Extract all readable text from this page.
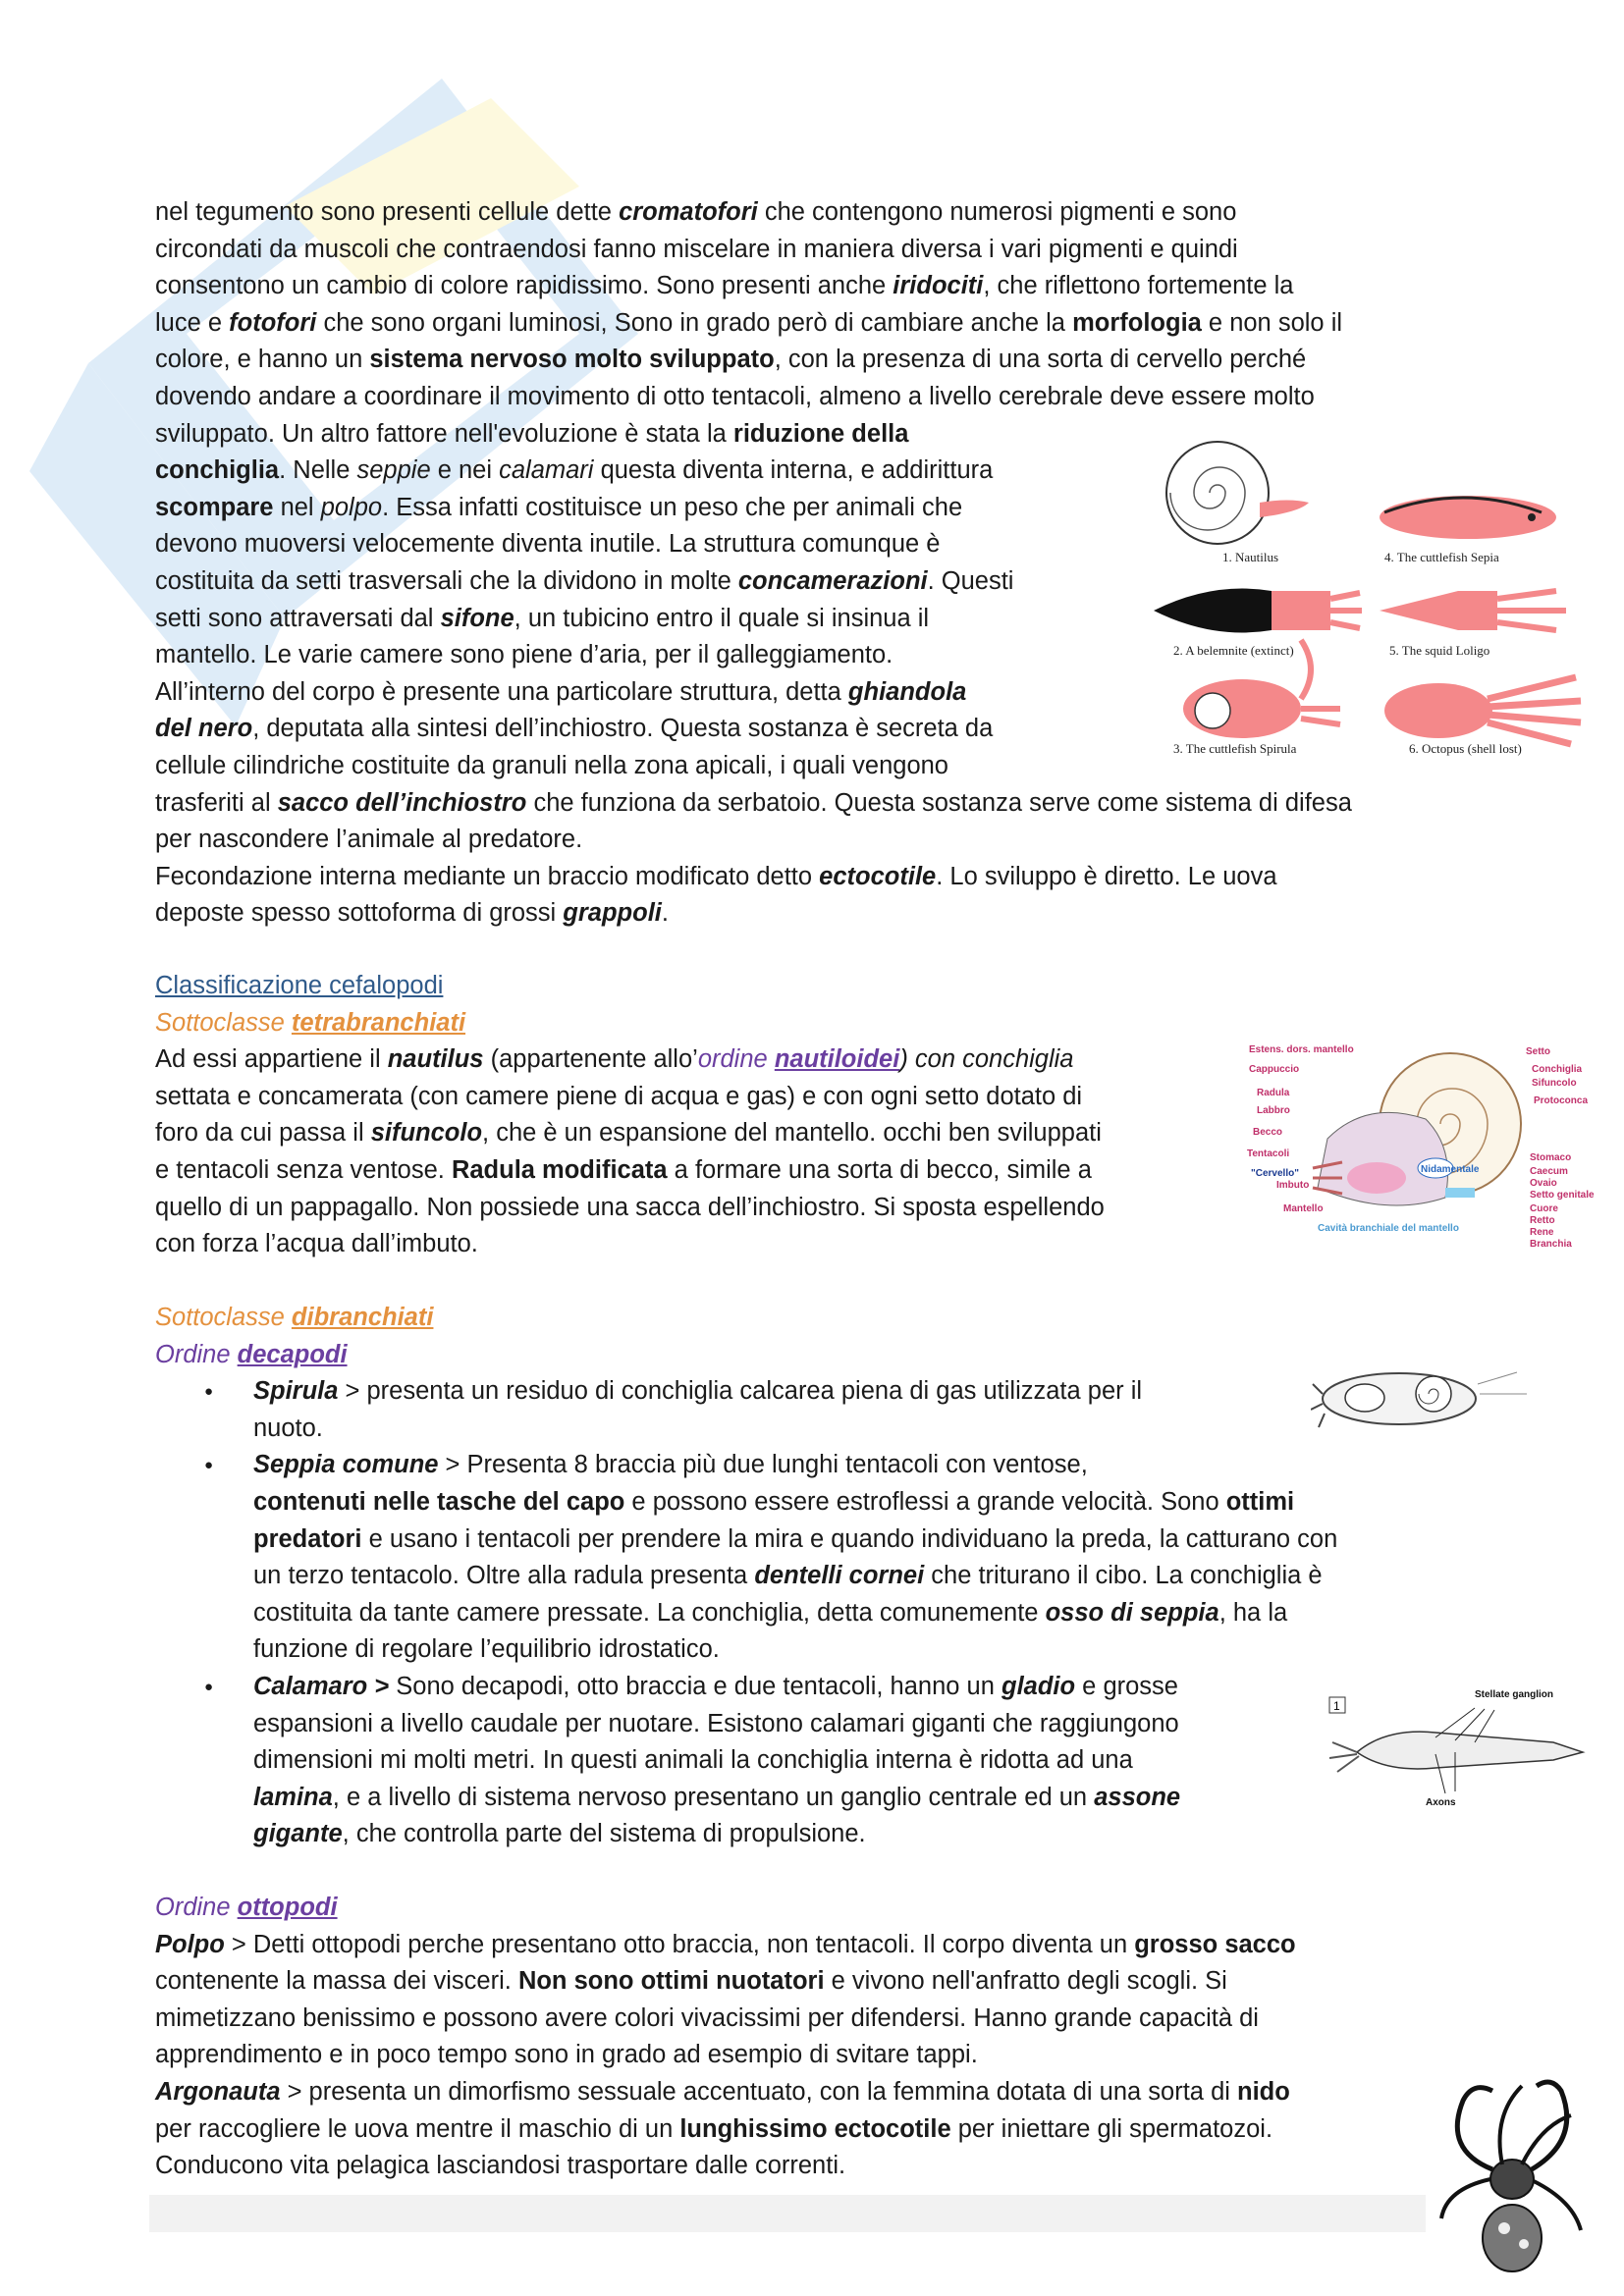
nel tegumento sono presenti cellule dette cromatofori che contengono numerosi pigmenti e sono
circondati da muscoli che contraendosi fanno miscelare in maniera diversa i vari pigmenti e quindi
consentono un cambio di colore rapidissimo. Sono presenti anche iridociti, che riflettono fortemente la
luce e fotofori che sono organi luminosi, Sono in grado però di cambiare anche la morfologia e non solo il
colore, e hanno un sistema nervoso molto sviluppato, con la presenza di una sorta di cervello perché
dovendo andare a coordinare il movimento di otto tentacoli, almeno a livello cerebrale deve essere molto
sviluppato. Un altro fattore nell'evoluzione è stata la riduzione della
conchiglia. Nelle seppie e nei calamari questa diventa interna, e addirittura
scompare nel polpo. Essa infatti costituisce un peso che per animali che
devono muoversi velocemente diventa inutile. La struttura comunque è
costituita da setti trasversali che la dividono in molte concamerazioni. Questi
setti sono attraversati dal sifone, un tubicino entro il quale si insinua il
mantello. Le varie camere sono piene d’aria, per il galleggiamento.
All’interno del corpo è presente una particolare struttura, detta ghiandola
del nero, deputata alla sintesi dell’inchiostro. Questa sostanza è secreta da
cellule cilindriche costituite da granuli nella zona apicali, i quali vengono
trasferiti al sacco dell’inchiostro che funziona da serbatoio. Questa sostanza serve come sistema di difesa
per nascondere l’animale al predatore.
Fecondazione interna mediante un braccio modificato detto ectocotile. Lo sviluppo è diretto. Le uova
deposte spesso sottoforma di grossi grappoli.
1. Nautilus	4. The cuttlefish Sepia
2. A belemnite (extinct)	5. The squid Loligo
3. The cuttlefish Spirula	6. Octopus (shell lost)
Classificazione cefalopodi
Sottoclasse tetrabranchiati
Ad essi appartiene il nautilus (appartenente allo’ordine nautiloidei) con conchiglia
settata e concamerata (con camere piene di acqua e gas) e con ogni setto dotato di
foro da cui passa il sifuncolo, che è un espansione del mantello. occhi ben sviluppati
e tentacoli senza ventose. Radula modificata a formare una sorta di becco, simile a
quello di un pappagallo. Non possiede una sacca dell’inchiostro. Si sposta espellendo
con forza l’acqua dall’imbuto.
Estens. dors. mantello
Cappuccio
Radula
Labbro
Becco
Tentacoli
"Cervello"
Imbuto
Mantello
Cavità branchiale del mantello
Setto
Conchiglia
Sifuncolo
Protoconca
Stomaco
Caecum
Ovaio
Setto genitale
Cuore
Retto
Rene
Branchia
Nidamentale
Sottoclasse dibranchiati
Ordine decapodi
● Spirula > presenta un residuo di conchiglia calcarea piena di gas utilizzata per il
nuoto.
● Seppia comune > Presenta 8 braccia più due lunghi tentacoli con ventose,
contenuti nelle tasche del capo e possono essere estroflessi a grande velocità. Sono ottimi
predatori e usano i tentacoli per prendere la mira e quando individuano la preda, la catturano con
un terzo tentacolo. Oltre alla radula presenta dentelli cornei che triturano il cibo. La conchiglia è
costituita da tante camere pressate. La conchiglia, detta comunemente osso di seppia, ha la
funzione di regolare l’equilibrio idrostatico.
● Calamaro > Sono decapodi, otto braccia e due tentacoli, hanno un gladio e grosse
espansioni a livello caudale per nuotare. Esistono calamari giganti che raggiungono
dimensioni mi molti metri. In questi animali la conchiglia interna è ridotta ad una
lamina, e a livello di sistema nervoso presentano un ganglio centrale ed un assone
gigante, che controlla parte del sistema di propulsione.
1
Stellate ganglion
Axons
Ordine ottopodi
Polpo > Detti ottopodi perche presentano otto braccia, non tentacoli. Il corpo diventa un grosso sacco
contenente la massa dei visceri. Non sono ottimi nuotatori e vivono nell'anfratto degli scogli. Si
mimetizzano benissimo e possono avere colori vivacissimi per difendersi. Hanno grande capacità di
apprendimento e in poco tempo sono in grado ad esempio di svitare tappi.
Argonauta > presenta un dimorfismo sessuale accentuato, con la femmina dotata di una sorta di nido
per raccogliere le uova mentre il maschio di un lunghissimo ectocotile per iniettare gli spermatozoi.
Conducono vita pelagica lasciandosi trasportare dalle correnti.
